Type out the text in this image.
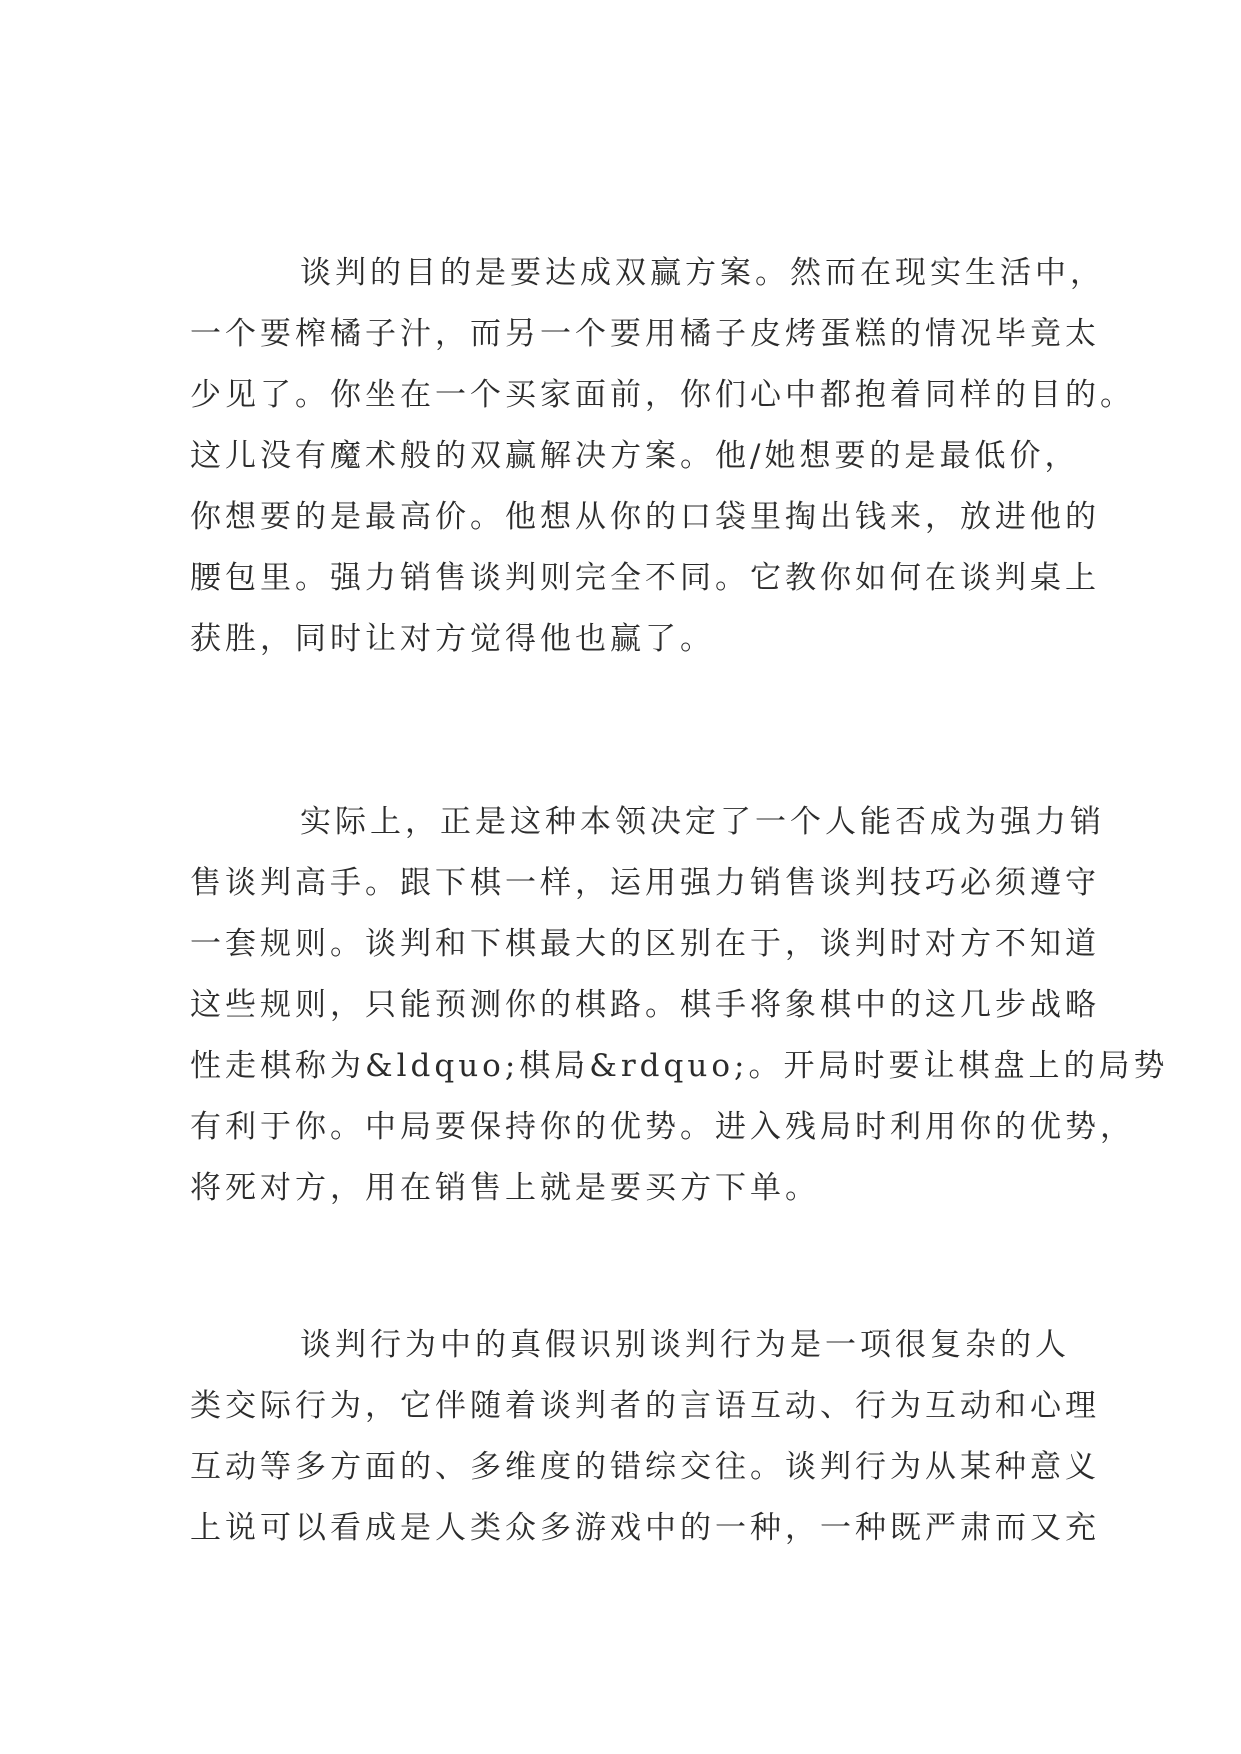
谈判的目的是要达成双赢方案。然而在现实生活中，
一个要榨橘子汁，而另一个要用橘子皮烤蛋糕的情况毕竟太
少见了。你坐在一个买家面前，你们心中都抱着同样的目的。
这儿没有魔术般的双赢解决方案。他/她想要的是最低价，
你想要的是最高价。他想从你的口袋里掏出钱来，放进他的
腰包里。强力销售谈判则完全不同。它教你如何在谈判桌上
获胜，同时让对方觉得他也赢了。
实际上，正是这种本领决定了一个人能否成为强力销
售谈判高手。跟下棋一样，运用强力销售谈判技巧必须遵守
一套规则。谈判和下棋最大的区别在于，谈判时对方不知道
这些规则，只能预测你的棋路。棋手将象棋中的这几步战略
性走棋称为&ldquo;棋局&rdquo;。开局时要让棋盘上的局势
有利于你。中局要保持你的优势。进入残局时利用你的优势，
将死对方，用在销售上就是要买方下单。
谈判行为中的真假识别谈判行为是一项很复杂的人
类交际行为，它伴随着谈判者的言语互动、行为互动和心理
互动等多方面的、多维度的错综交往。谈判行为从某种意义
上说可以看成是人类众多游戏中的一种，一种既严肃而又充
